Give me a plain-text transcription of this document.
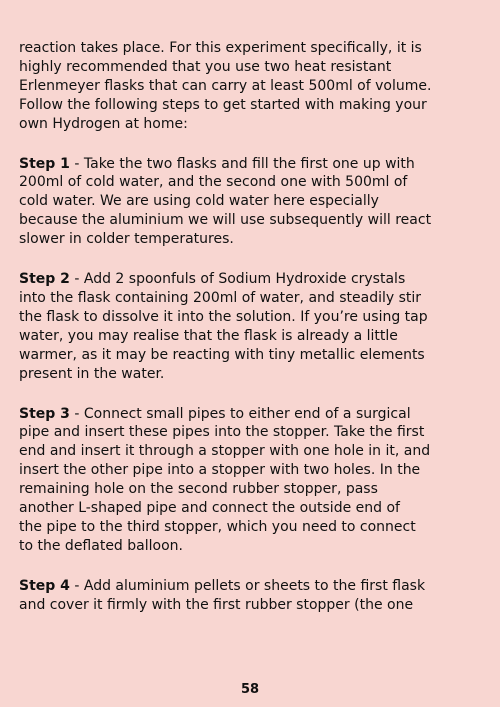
reaction takes place. For this experiment specifically, it is
highly recommended that you use two heat resistant
Erlenmeyer flasks that can carry at least 500ml of volume.
Follow the following steps to get started with making your
own Hydrogen at home:

Step 1 - Take the two flasks and fill the first one up with
200ml of cold water, and the second one with 500ml of
cold water. We are using cold water here especially
because the aluminium we will use subsequently will react
slower in colder temperatures.

Step 2 - Add 2 spoonfuls of Sodium Hydroxide crystals
into the flask containing 200ml of water, and steadily stir
the flask to dissolve it into the solution. If you’re using tap
water, you may realise that the flask is already a little
warmer, as it may be reacting with tiny metallic elements
present in the water.

Step 3 - Connect small pipes to either end of a surgical
pipe and insert these pipes into the stopper. Take the first
end and insert it through a stopper with one hole in it, and
insert the other pipe into a stopper with two holes. In the
remaining hole on the second rubber stopper, pass
another L-shaped pipe and connect the outside end of
the pipe to the third stopper, which you need to connect
to the deflated balloon.

Step 4 - Add aluminium pellets or sheets to the first flask
and cover it firmly with the first rubber stopper (the one

58
